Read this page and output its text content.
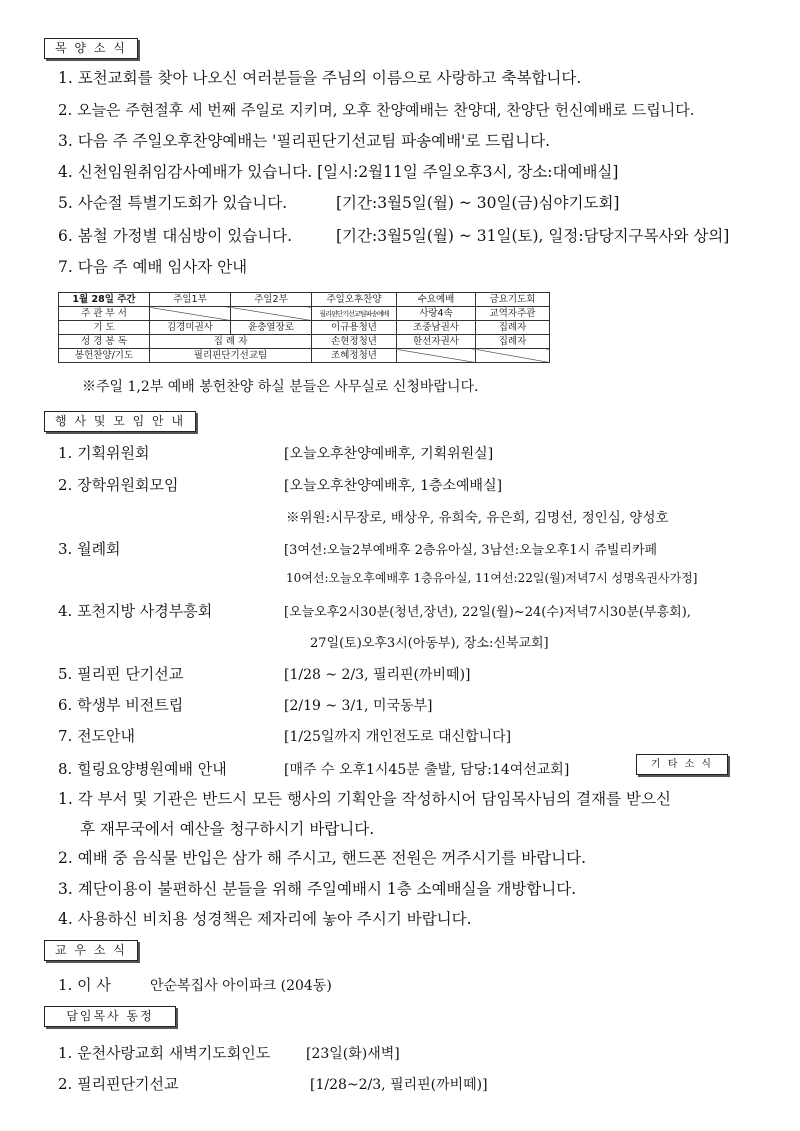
목 양 소 식
1. 포천교회를 찾아 나오신 여러분들을 주님의 이름으로 사랑하고 축복합니다.
2. 오늘은 주현절후 세 번째 주일로 지키며, 오후 찬양예배는 찬양대, 찬양단 헌신예배로 드립니다.
3. 다음 주 주일오후찬양예배는 '필리핀단기선교팀 파송예배'로 드립니다.
4. 신천임원취임감사예배가 있습니다. [일시:2월11일 주일오후3시, 장소:대예배실]
5. 사순절 특별기도회가 있습니다.	[기간:3월5일(월) ~ 30일(금)심야기도회]
6. 봄철 가정별 대심방이 있습니다.	[기간:3월5일(월) ~ 31일(토), 일정:담당지구목사와 상의]
7. 다음 주 예배 임사자 안내
1월 28일 주간	주일1부	주일2부	주일오후찬양	수요예배	금요기도회
주 관 부 서			필리핀단기선교팀파송예배	사랑4속	교역자주관
기 도	김경미권사	윤충열장로	이규용청년	조중남권사	집례자
성 경 봉 독	집 례 자		손현정청년	한선자권사	집례자
봉헌찬양/기도	필리핀단기선교팀		조혜정청년		
※주일 1,2부 예배 봉헌찬양 하실 분들은 사무실로 신청바랍니다.
행 사 및 모 임 안 내
1. 기획위원회	[오늘오후찬양예배후, 기획위원실]
2. 장학위원회모임	[오늘오후찬양예배후, 1층소예배실]
※위원:시무장로, 배상우, 유희숙, 유은희, 김명선, 정인심, 양성호
3. 월례회	[3여선:오늘2부예배후 2층유아실, 3남선:오늘오후1시 쥬빌리카페
10여선:오늘오후예배후 1층유아실, 11여선:22일(월)저녁7시 성명옥권사가정]
4. 포천지방 사경부흥회	[오늘오후2시30분(청년,장년), 22일(월)~24(수)저녁7시30분(부흥회),
27일(토)오후3시(아동부), 장소:신북교회]
5. 필리핀 단기선교	[1/28 ~ 2/3, 필리핀(까비떼)]
6. 학생부 비전트립	[2/19 ~ 3/1, 미국동부]
7. 전도안내	[1/25일까지 개인전도로 대신합니다]
8. 힐링요양병원예배 안내	[매주 수 오후1시45분 출발, 담당:14여선교회]	기 타 소 식
1. 각 부서 및 기관은 반드시 모든 행사의 기획안을 작성하시어 담임목사님의 결재를 받으신
후 재무국에서 예산을 청구하시기 바랍니다.
2. 예배 중 음식물 반입은 삼가 해 주시고, 핸드폰 전원은 꺼주시기를 바랍니다.
3. 계단이용이 불편하신 분들을 위해 주일예배시 1층 소예배실을 개방합니다.
4. 사용하신 비치용 성경책은 제자리에 놓아 주시기 바랍니다.
교 우 소 식
1. 이 사	안순복집사 아이파크 (204동)
담임목사 동정
1. 운천사랑교회 새벽기도회인도	[23일(화)새벽]
2. 필리핀단기선교	[1/28~2/3, 필리핀(까비떼)]
